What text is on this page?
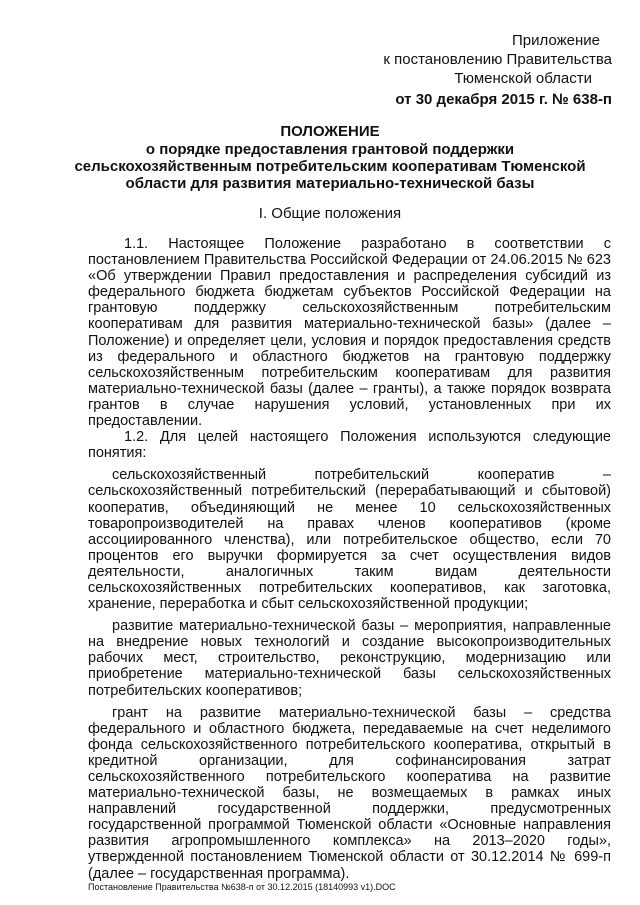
Приложение
к постановлению Правительства
Тюменской области
от 30 декабря 2015 г. № 638-п
ПОЛОЖЕНИЕ
о порядке предоставления грантовой поддержки сельскохозяйственным потребительским кооперативам Тюменской области для развития материально-технической базы
I. Общие положения

1.1. Настоящее Положение разработано в соответствии с постановлением Правительства Российской Федерации от 24.06.2015 № 623 «Об утверждении Правил предоставления и распределения субсидий из федерального бюджета бюджетам субъектов Российской Федерации на грантовую поддержку сельскохозяйственным потребительским кооперативам для развития материально-технической базы» (далее – Положение) и определяет цели, условия и порядок предоставления средств из федерального и областного бюджетов на грантовую поддержку сельскохозяйственным потребительским кооперативам для развития материально-технической базы (далее – гранты), а также порядок возврата грантов в случае нарушения условий, установленных при их предоставлении.

1.2. Для целей настоящего Положения используются следующие понятия:

сельскохозяйственный потребительский кооператив – сельскохозяйственный потребительский (перерабатывающий и сбытовой) кооператив, объединяющий не менее 10 сельскохозяйственных товаропроизводителей на правах членов кооперативов (кроме ассоциированного членства), или потребительское общество, если 70 процентов его выручки формируется за счет осуществления видов деятельности, аналогичных таким видам деятельности сельскохозяйственных потребительских кооперативов, как заготовка, хранение, переработка и сбыт сельскохозяйственной продукции;

развитие материально-технической базы – мероприятия, направленные на внедрение новых технологий и создание высокопроизводительных рабочих мест, строительство, реконструкцию, модернизацию или приобретение материально-технической базы сельскохозяйственных потребительских кооперативов;

грант на развитие материально-технической базы – средства федерального и областного бюджета, передаваемые на счет неделимого фонда сельскохозяйственного потребительского кооператива, открытый в кредитной организации, для софинансирования затрат сельскохозяйственного потребительского кооператива на развитие материально-технической базы, не возмещаемых в рамках иных направлений государственной поддержки, предусмотренных государственной программой Тюменской области «Основные направления развития агропромышленного комплекса» на 2013–2020 годы», утвержденной постановлением Тюменской области от 30.12.2014 № 699-п (далее – государственная программа).

Постановление Правительства №638-п от 30.12.2015 (18140993 v1).DOC
